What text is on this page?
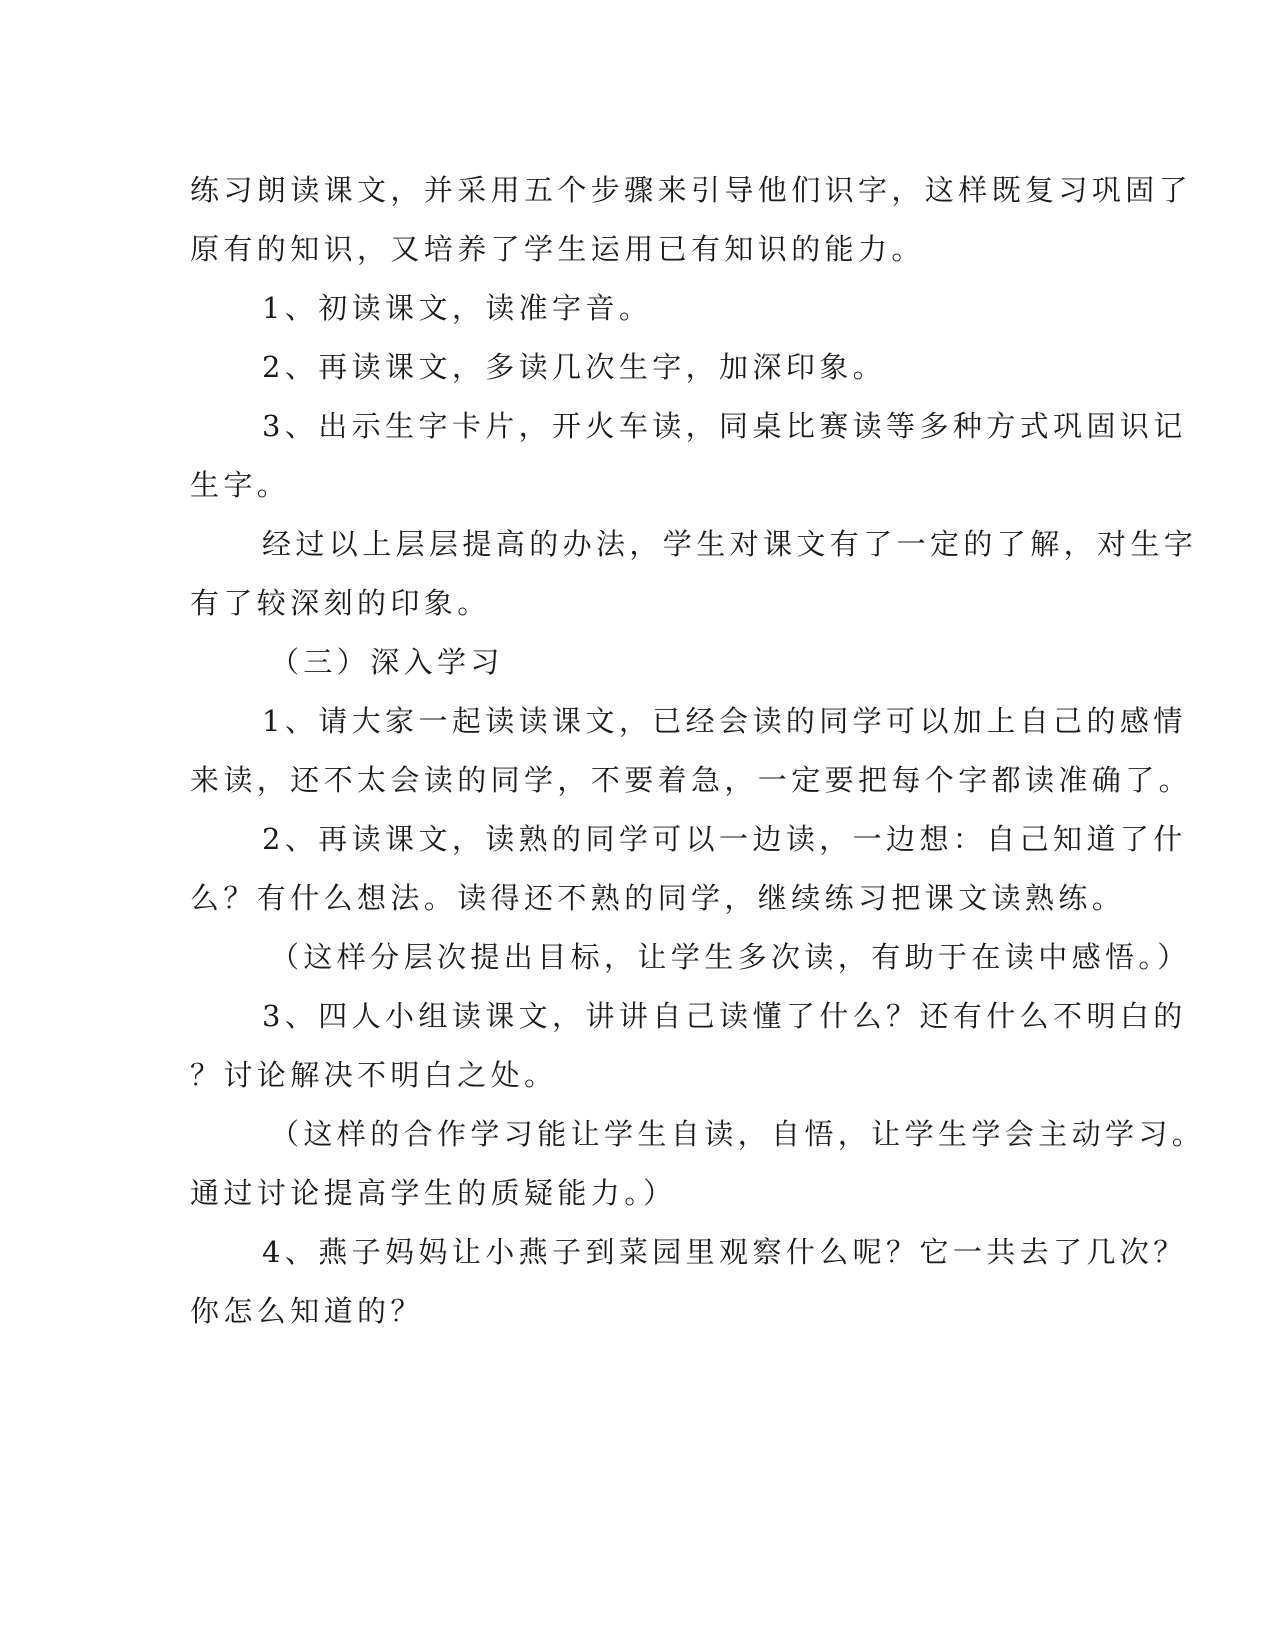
练习朗读课文，并采用五个步骤来引导他们识字，这样既复习巩固了
原有的知识，又培养了学生运用已有知识的能力。
1、初读课文，读准字音。
2、再读课文，多读几次生字，加深印象。
3、出示生字卡片，开火车读，同桌比赛读等多种方式巩固识记
生字。
经过以上层层提高的办法，学生对课文有了一定的了解，对生字
有了较深刻的印象。
（三）深入学习
1、请大家一起读读课文，已经会读的同学可以加上自己的感情
来读，还不太会读的同学，不要着急，一定要把每个字都读准确了。
2、再读课文，读熟的同学可以一边读，一边想：自己知道了什
么？有什么想法。读得还不熟的同学，继续练习把课文读熟练。
（这样分层次提出目标，让学生多次读，有助于在读中感悟。）
3、四人小组读课文，讲讲自己读懂了什么？还有什么不明白的
？讨论解决不明白之处。
（这样的合作学习能让学生自读，自悟，让学生学会主动学习。
通过讨论提高学生的质疑能力。）
4、燕子妈妈让小燕子到菜园里观察什么呢？它一共去了几次？
你怎么知道的？
